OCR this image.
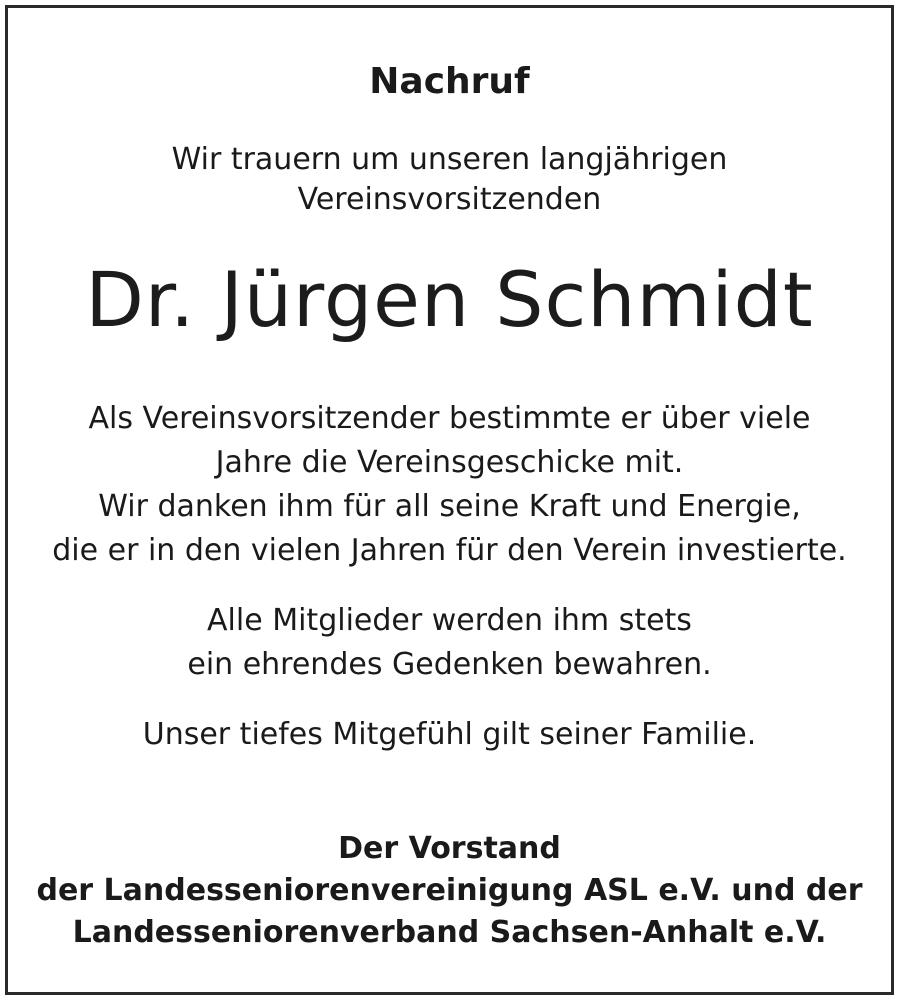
Nachruf
Wir trauern um unseren langjährigen
Vereinsvorsitzenden
Dr. Jürgen Schmidt
Als Vereinsvorsitzender bestimmte er über viele
Jahre die Vereinsgeschicke mit.
Wir danken ihm für all seine Kraft und Energie,
die er in den vielen Jahren für den Verein investierte.
Alle Mitglieder werden ihm stets
ein ehrendes Gedenken bewahren.
Unser tiefes Mitgefühl gilt seiner Familie.
Der Vorstand
der Landesseniorenvereinigung ASL e.V. und der
Landesseniorenverband Sachsen-Anhalt e.V.
